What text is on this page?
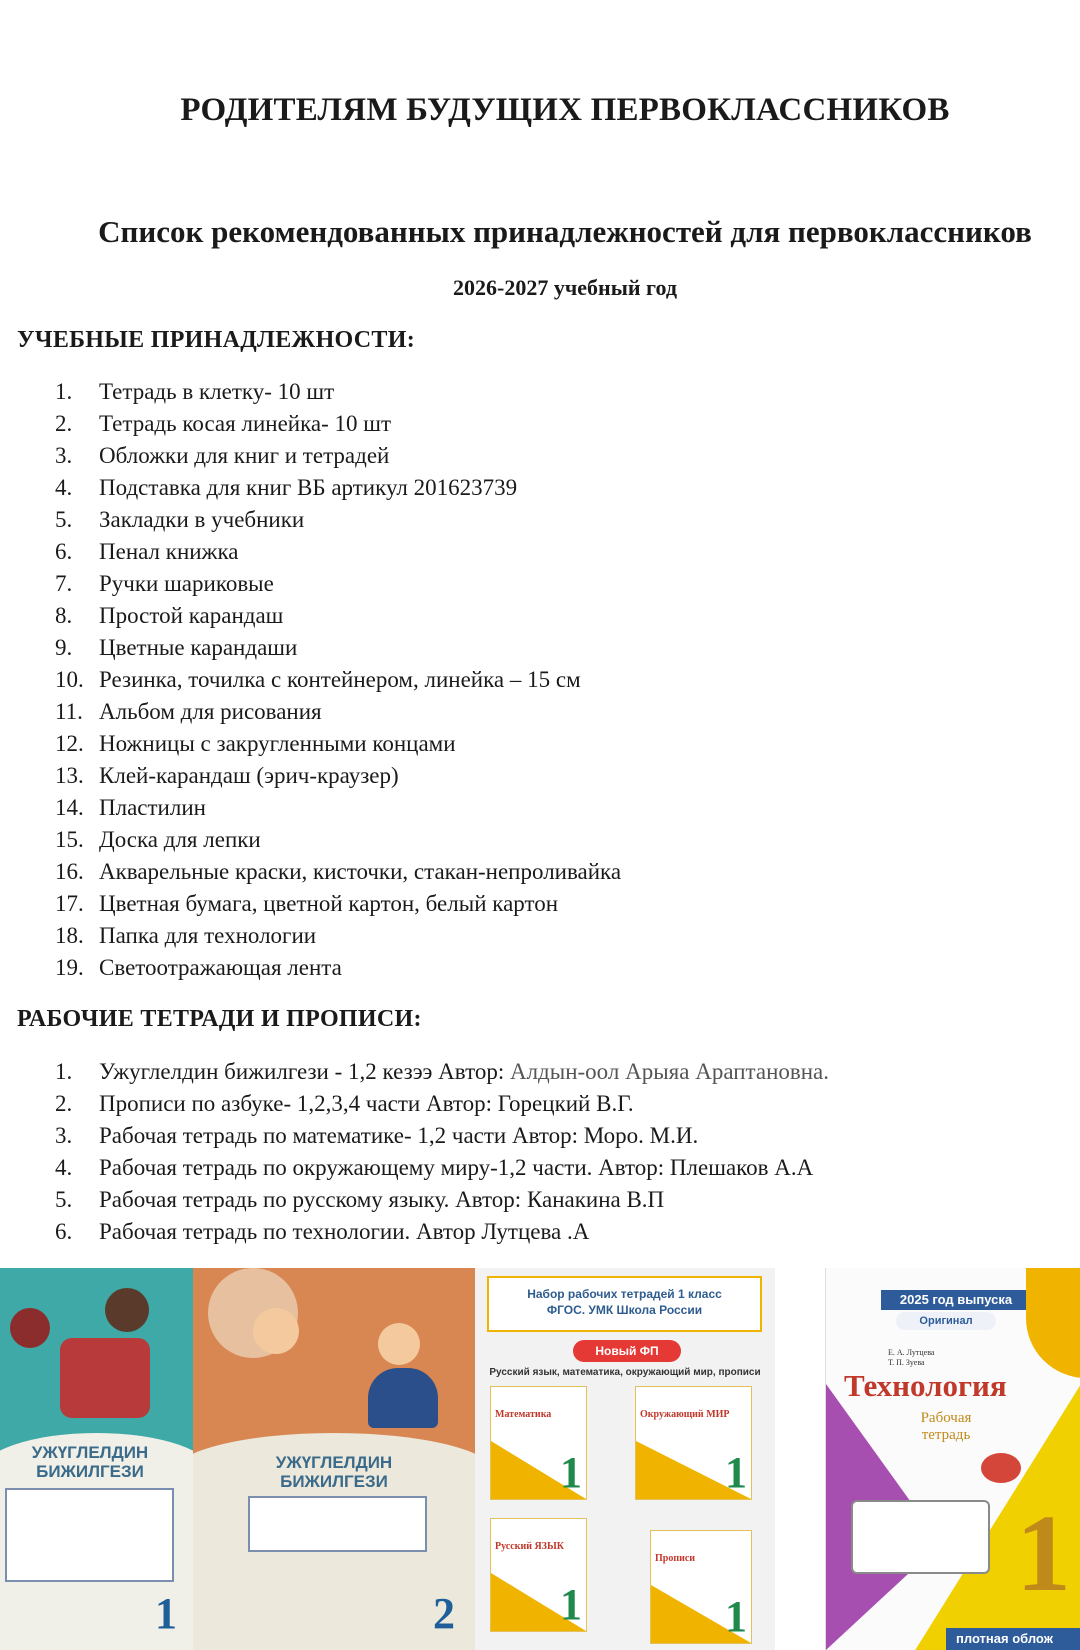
РОДИТЕЛЯМ БУДУЩИХ ПЕРВОКЛАССНИКОВ
Список рекомендованных принадлежностей для первоклассников
2026-2027 учебный год
УЧЕБНЫЕ ПРИНАДЛЕЖНОСТИ:
1.	Тетрадь в клетку- 10 шт
2.	Тетрадь косая линейка- 10 шт
3.	Обложки для книг и тетрадей
4.	Подставка для книг ВБ артикул 201623739
5.	Закладки в учебники
6.	Пенал книжка
7.	Ручки шариковые
8.	Простой карандаш
9.	Цветные карандаши
10. Резинка, точилка с контейнером, линейка – 15 см
11. Альбом для рисования
12. Ножницы с закругленными концами
13. Клей-карандаш (эрич-краузер)
14. Пластилин
15. Доска для лепки
16. Акварельные краски, кисточки, стакан-непроливайка
17. Цветная бумага, цветной картон, белый картон
18. Папка для технологии
19. Светоотражающая лента
РАБОЧИЕ ТЕТРАДИ И ПРОПИСИ:
1.	Ужуглелдин бижилгези - 1,2 кезээ Автор: Алдын-оол Арыяа Араптановна.
2.	Прописи по азбуке- 1,2,3,4 части Автор: Горецкий В.Г.
3.	Рабочая тетрадь по математике- 1,2 части Автор: Моро. М.И.
4.	Рабочая тетрадь по окружающему миру-1,2 части. Автор: Плешаков А.А
5.	Рабочая тетрадь по русскому языку. Автор: Канакина В.П
6.	Рабочая тетрадь по технологии. Автор Лутцева .А
УЖҮГЛЕЛДИН
БИЖИЛГЕЗИ
1
УЖҮГЛЕЛДИН
БИЖИЛГЕЗИ
2
Набор рабочих тетрадей 1 класс
ФГОС. УМК Школа России
Новый ФП
Русский язык, математика, окружающий мир, прописи
Математика
1
Окружающий МИР
1
Русский ЯЗЫК
1
Прописи
1
2025 год выпуска
Оригинал
Е. А. Лутцева
Т. П. Зуева
Технология
Рабочая
тетрадь
1
плотная облож
